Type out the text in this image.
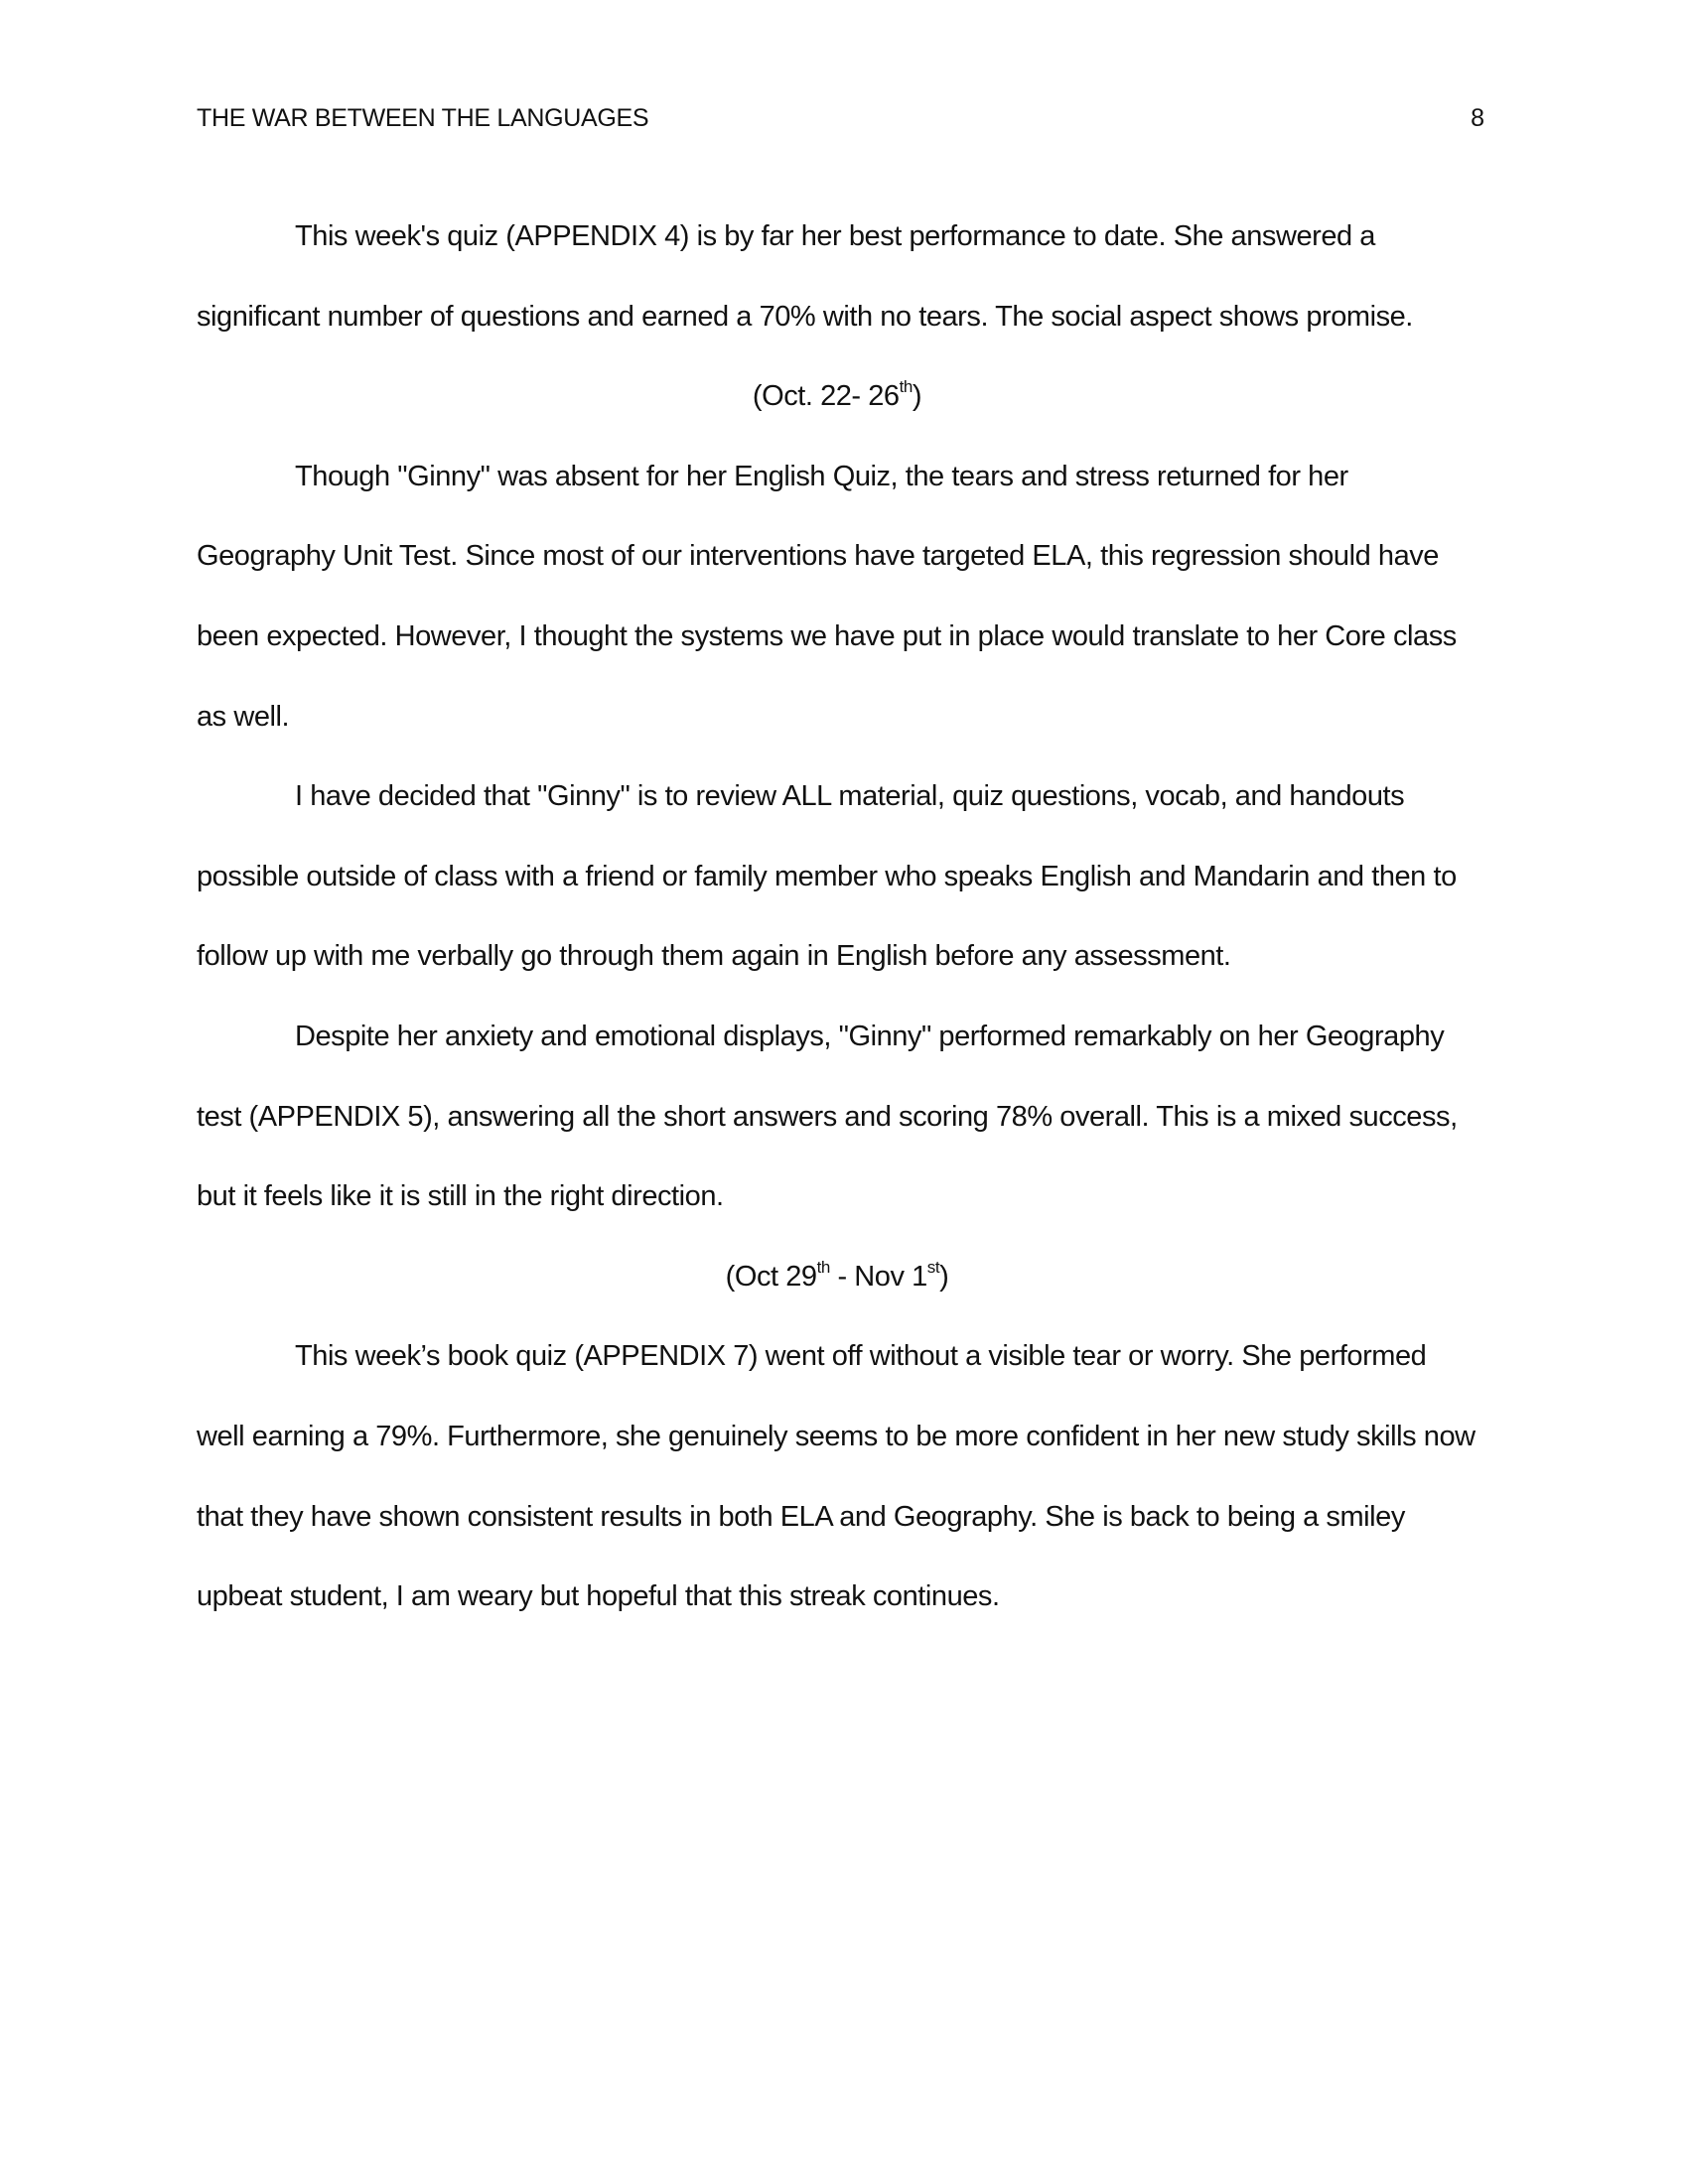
THE WAR BETWEEN THE LANGUAGES	8

This week's quiz (APPENDIX 4) is by far her best performance to date. She answered a significant number of questions and earned a 70% with no tears. The social aspect shows promise.

(Oct. 22- 26th)

Though "Ginny" was absent for her English Quiz, the tears and stress returned for her Geography Unit Test. Since most of our interventions have targeted ELA, this regression should have been expected. However, I thought the systems we have put in place would translate to her Core class as well.

I have decided that "Ginny" is to review ALL material, quiz questions, vocab, and handouts possible outside of class with a friend or family member who speaks English and Mandarin and then to follow up with me verbally go through them again in English before any assessment.

Despite her anxiety and emotional displays, "Ginny" performed remarkably on her Geography test (APPENDIX 5), answering all the short answers and scoring 78% overall. This is a mixed success, but it feels like it is still in the right direction.

(Oct 29th - Nov 1st)

This week’s book quiz (APPENDIX 7) went off without a visible tear or worry. She performed well earning a 79%. Furthermore, she genuinely seems to be more confident in her new study skills now that they have shown consistent results in both ELA and Geography. She is back to being a smiley upbeat student, I am weary but hopeful that this streak continues.
